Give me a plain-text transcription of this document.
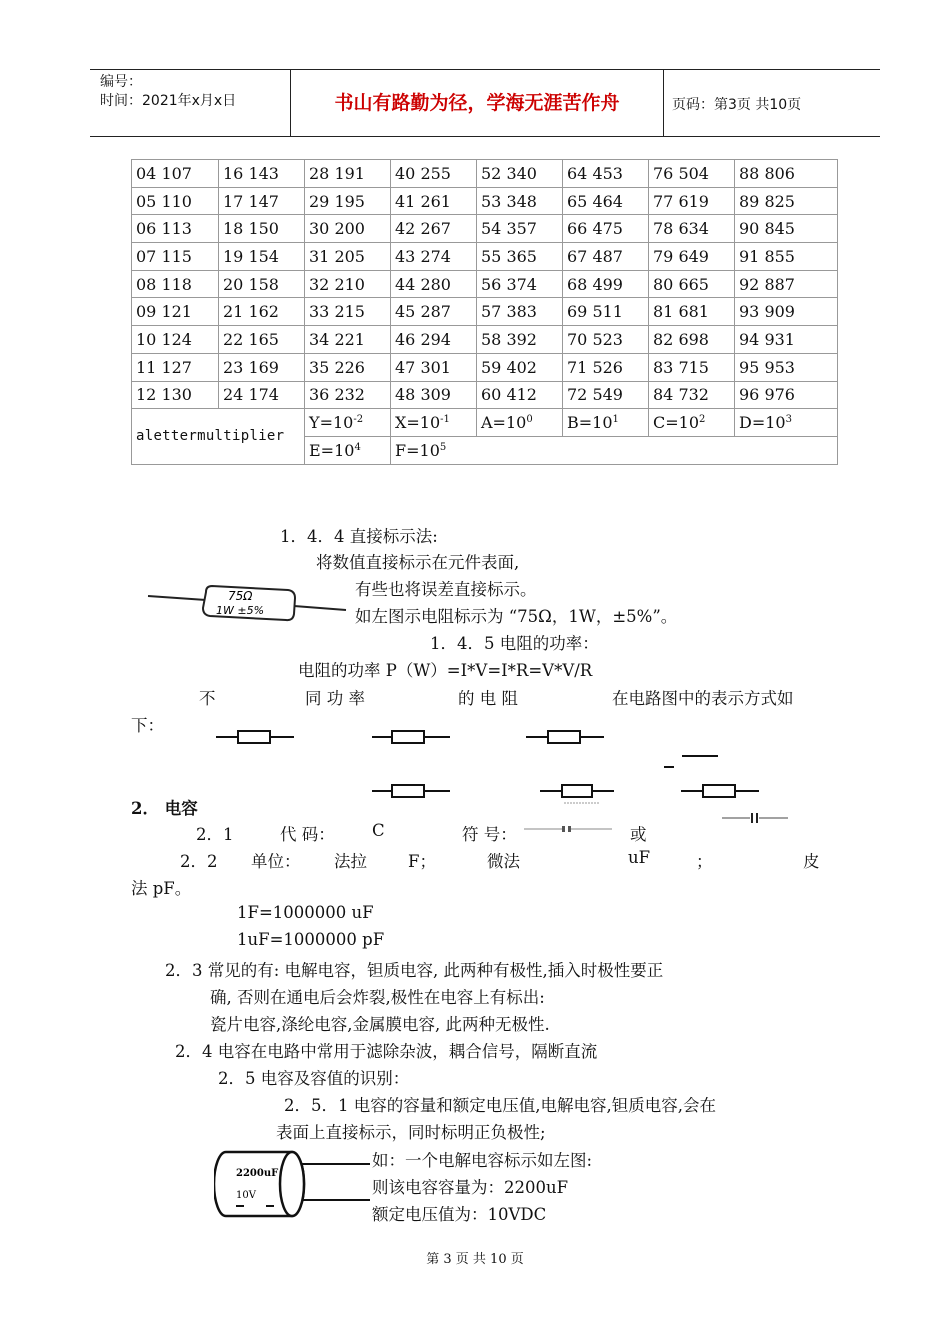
编号：
时间：2021年x月x日	书山有路勤为径，学海无涯苦作舟	页码：第3页 共10页
04 107	16 143	28 191	40 255	52 340	64 453	76 504	88 806
05 110	17 147	29 195	41 261	53 348	65 464	77 619	89 825
06 113	18 150	30 200	42 267	54 357	66 475	78 634	90 845
07 115	19 154	31 205	43 274	55 365	67 487	79 649	91 855
08 118	20 158	32 210	44 280	56 374	68 499	80 665	92 887
09 121	21 162	33 215	45 287	57 383	69 511	81 681	93 909
10 124	22 165	34 221	46 294	58 392	70 523	82 698	94 931
11 127	23 169	35 226	47 301	59 402	71 526	83 715	95 953
12 130	24 174	36 232	48 309	60 412	72 549	84 732	96 976
alettermultiplier		$Y=10^{-2}$	$X=10^{-1}$	$A=10^0$	$B=10^1$	$C=10^2$	$D=10^3$
		$E=10^4$	$F=10^5$
1．4．4 直接标示法:
将数值直接标示在元件表面,
有些也将误差直接标示。
如左图示电阻标示为 “75Ω，1W，±5%”。
75Ω
1W ±5%
1．4．5 电阻的功率：
电阻的功率 P（W）=I*V=I*R=V*V/R
不	同 功 率	的 电 阻	在电路图中的表示方式如
下：
2． 电容
2．1	代 码： C	符 号：	或
2．2 单位： 法拉 F；	微法	uF	；	皮
法 pF。
1F=1000000 uF
1uF=1000000 pF
2．3 常见的有: 电解电容，钽质电容, 此两种有极性,插入时极性要正
确, 否则在通电后会炸裂,极性在电容上有标出:
瓷片电容,涤纶电容,金属膜电容, 此两种无极性.
2．4 电容在电路中常用于滤除杂波，耦合信号，隔断直流
2．5 电容及容值的识别：
2．5．1 电容的容量和额定电压值,电解电容,钽质电容,会在
表面上直接标示，同时标明正负极性;
2200uF
10V
如：一个电解电容标示如左图:
则该电容容量为：2200uF
额定电压值为：10VDC
第 3 页 共 10 页
